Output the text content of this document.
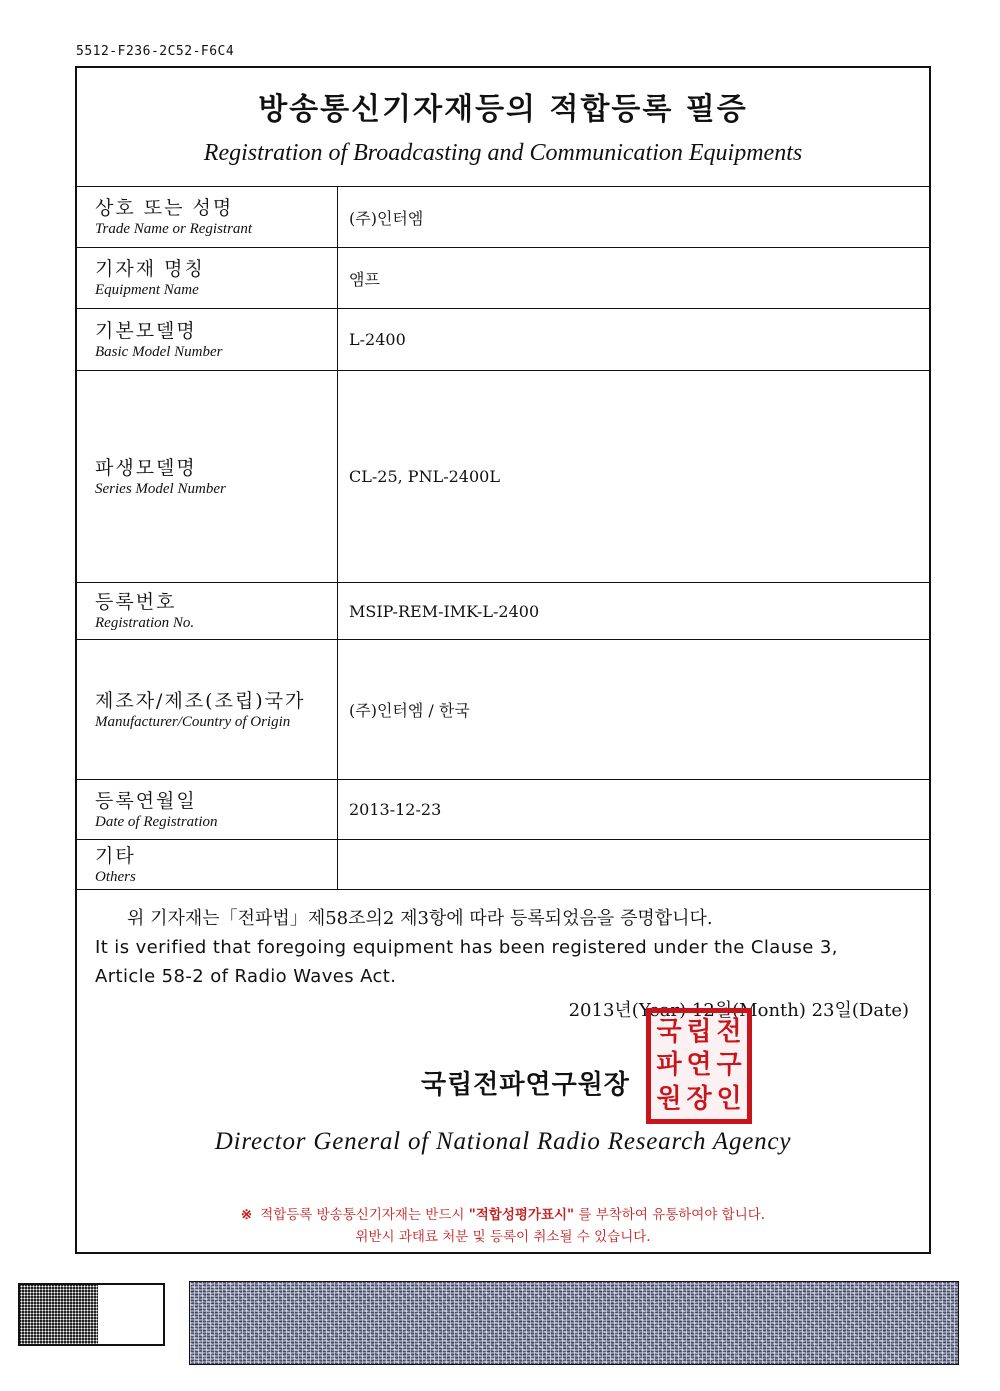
5512-F236-2C52-F6C4
방송통신기자재등의 적합등록 필증
Registration of Broadcasting and Communication Equipments
상호 또는 성명
Trade Name or Registrant
(주)인터엠
기자재 명칭
Equipment Name
앰프
기본모델명
Basic Model Number
L-2400
파생모델명
Series Model Number
CL-25, PNL-2400L
등록번호
Registration No.
MSIP-REM-IMK-L-2400
제조자/제조(조립)국가
Manufacturer/Country of Origin
(주)인터엠 / 한국
등록연월일
Date of Registration
2013-12-23
기타
Others
위 기자재는「전파법」제58조의2 제3항에 따라 등록되었음을 증명합니다.
It is verified that foregoing equipment has been registered under the Clause 3,
Article 58-2 of Radio Waves Act.
2013년(Year) 12월(Month) 23일(Date)
국립전파연구원장
국 립 전
파 연 구
원 장 인
Director General of National Radio Research Agency
※ 적합등록 방송통신기자재는 반드시 "적합성평가표시" 를 부착하여 유통하여야 합니다.
위반시 과태료 처분 및 등록이 취소될 수 있습니다.
